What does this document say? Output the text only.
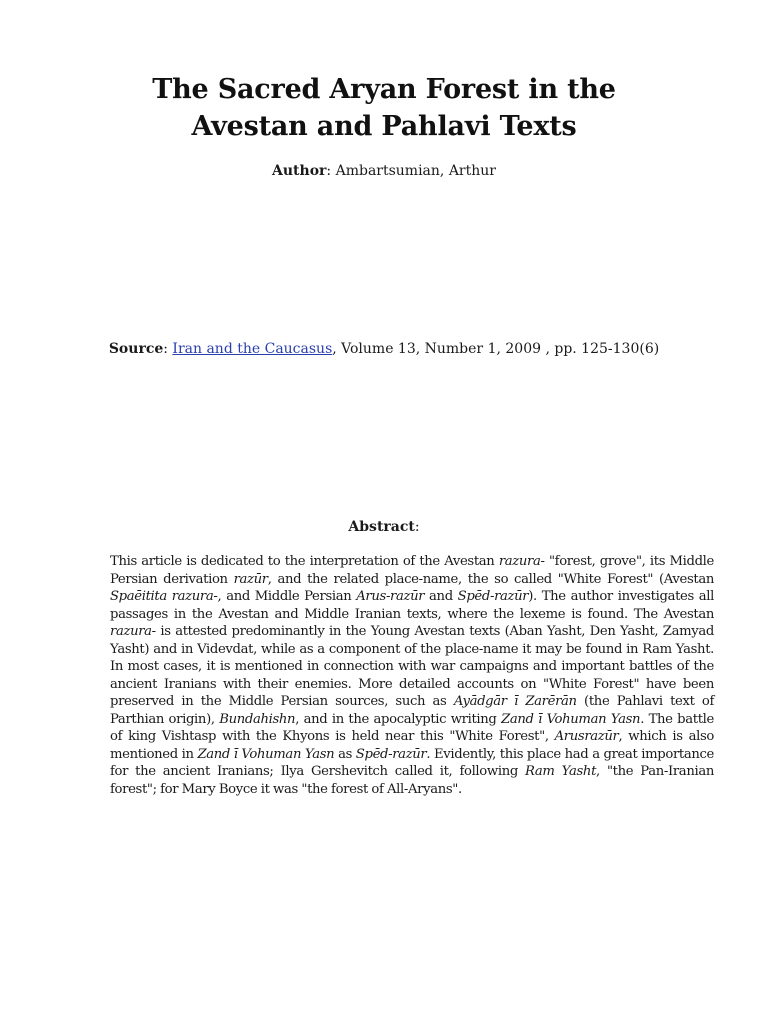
The Sacred Aryan Forest in the
Avestan and Pahlavi Texts
Author: Ambartsumian, Arthur
Source: Iran and the Caucasus, Volume 13, Number 1, 2009 , pp. 125-130(6)
Abstract:
This article is dedicated to the interpretation of the Avestan razura- "forest, grove", its Middle Persian derivation razūr, and the related place-name, the so called "White Forest" (Avestan Spaēitita razura-, and Middle Persian Arus-razūr and Spēd-razūr). The author investigates all passages in the Avestan and Middle Iranian texts, where the lexeme is found. The Avestan razura- is attested predominantly in the Young Avestan texts (Aban Yasht, Den Yasht, Zamyad Yasht) and in Videvdat, while as a component of the place-name it may be found in Ram Yasht. In most cases, it is mentioned in connection with war campaigns and important battles of the ancient Iranians with their enemies. More detailed accounts on "White Forest" have been preserved in the Middle Persian sources, such as Ayādgār ī Zarērān (the Pahlavi text of Parthian origin), Bundahishn, and in the apocalyptic writing Zand ī Vohuman Yasn. The battle of king Vishtasp with the Khyons is held near this "White Forest", Arusrazūr, which is also mentioned in Zand ī Vohuman Yasn as Spēd-razūr. Evidently, this place had a great importance for the ancient Iranians; Ilya Gershevitch called it, following Ram Yasht, "the Pan-Iranian forest"; for Mary Boyce it was "the forest of All-Aryans".
